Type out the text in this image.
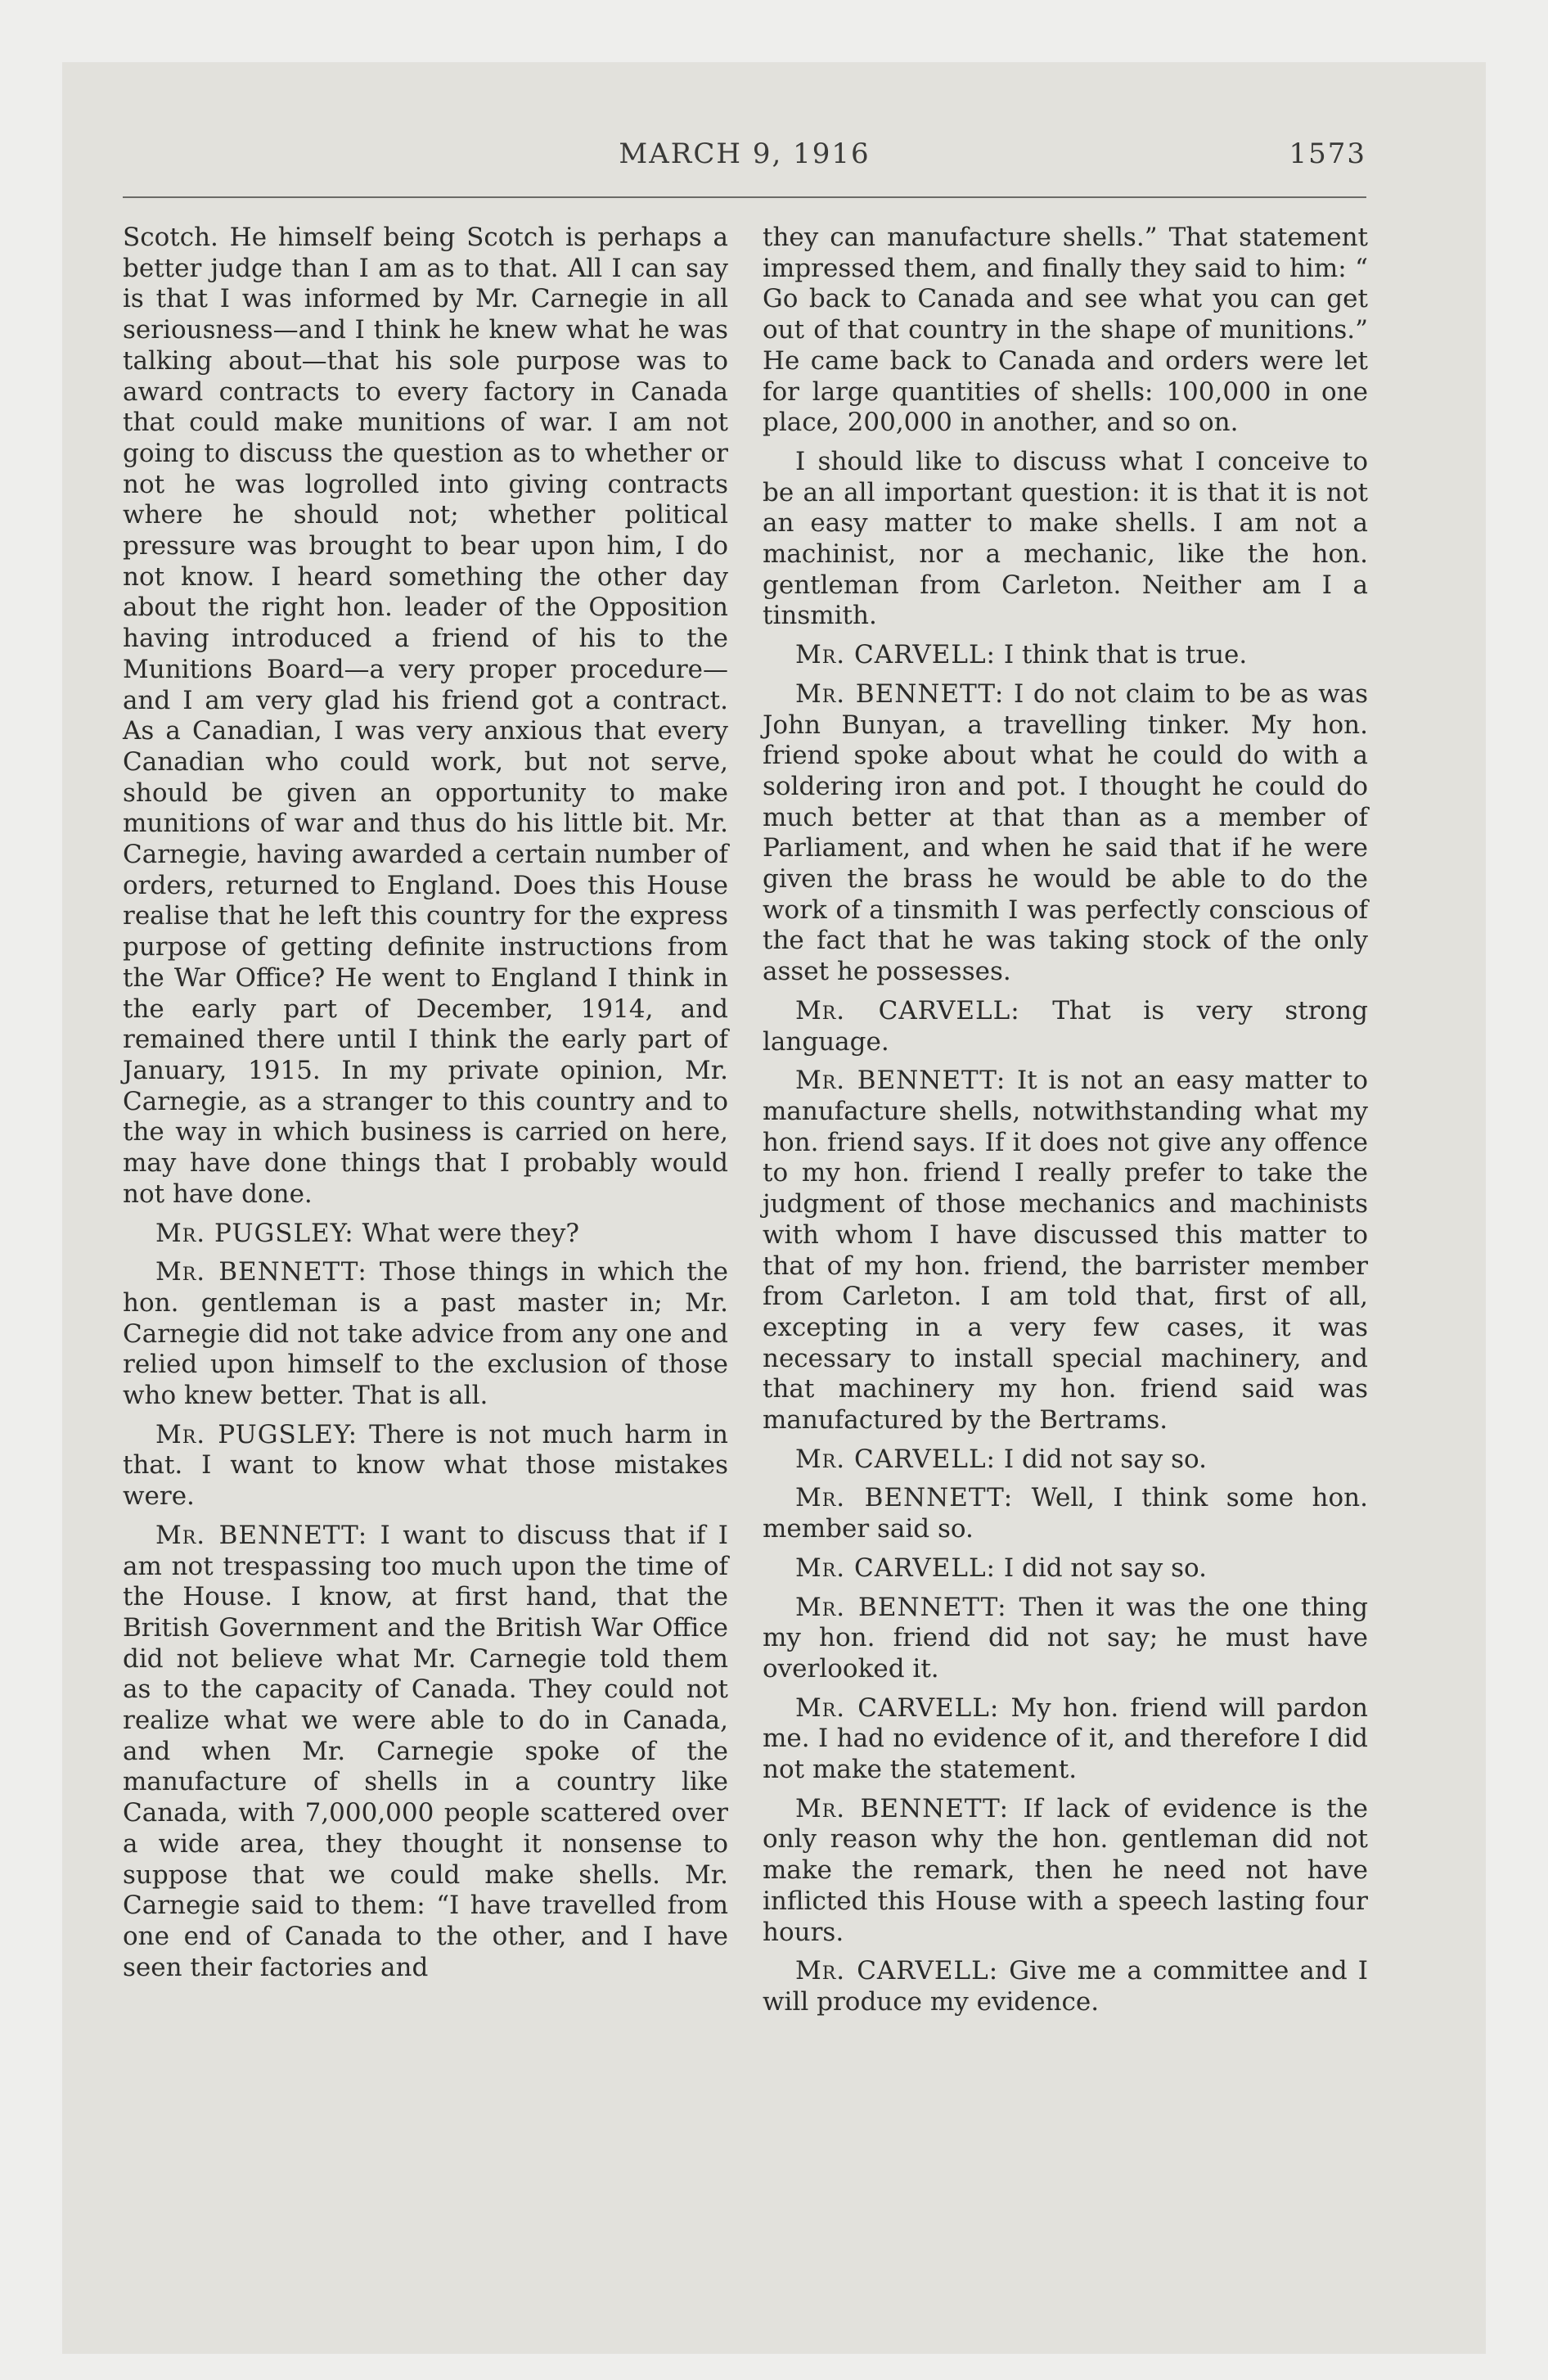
MARCH 9, 1916	1573

Scotch. He himself being Scotch is perhaps a better judge than I am as to that. All I can say is that I was informed by Mr. Carnegie in all seriousness—and I think he knew what he was talking about—that his sole purpose was to award contracts to every factory in Canada that could make munitions of war. I am not going to discuss the question as to whether or not he was logrolled into giving contracts where he should not; whether political pressure was brought to bear upon him, I do not know. I heard something the other day about the right hon. leader of the Opposition having introduced a friend of his to the Munitions Board—a very proper procedure—and I am very glad his friend got a contract. As a Canadian, I was very anxious that every Canadian who could work, but not serve, should be given an opportunity to make munitions of war and thus do his little bit. Mr. Carnegie, having awarded a certain number of orders, returned to England. Does this House realise that he left this country for the express purpose of getting definite instructions from the War Office? He went to England I think in the early part of December, 1914, and remained there until I think the early part of January, 1915. In my private opinion, Mr. Carnegie, as a stranger to this country and to the way in which business is carried on here, may have done things that I probably would not have done.

Mr. PUGSLEY: What were they?

Mr. BENNETT: Those things in which the hon. gentleman is a past master in; Mr. Carnegie did not take advice from any one and relied upon himself to the exclusion of those who knew better. That is all.

Mr. PUGSLEY: There is not much harm in that. I want to know what those mistakes were.

Mr. BENNETT: I want to discuss that if I am not trespassing too much upon the time of the House. I know, at first hand, that the British Government and the British War Office did not believe what Mr. Carnegie told them as to the capacity of Canada. They could not realize what we were able to do in Canada, and when Mr. Carnegie spoke of the manufacture of shells in a country like Canada, with 7,000,000 people scattered over a wide area, they thought it nonsense to suppose that we could make shells. Mr. Carnegie said to them: “I have travelled from one end of Canada to the other, and I have seen their factories and

they can manufacture shells.” That statement impressed them, and finally they said to him: “ Go back to Canada and see what you can get out of that country in the shape of munitions.” He came back to Canada and orders were let for large quantities of shells: 100,000 in one place, 200,000 in another, and so on.

I should like to discuss what I conceive to be an all important question: it is that it is not an easy matter to make shells. I am not a machinist, nor a mechanic, like the hon. gentleman from Carleton. Neither am I a tinsmith.

Mr. CARVELL: I think that is true.

Mr. BENNETT: I do not claim to be as was John Bunyan, a travelling tinker. My hon. friend spoke about what he could do with a soldering iron and pot. I thought he could do much better at that than as a member of Parliament, and when he said that if he were given the brass he would be able to do the work of a tinsmith I was perfectly conscious of the fact that he was taking stock of the only asset he possesses.

Mr. CARVELL: That is very strong language.

Mr. BENNETT: It is not an easy matter to manufacture shells, notwithstanding what my hon. friend says. If it does not give any offence to my hon. friend I really prefer to take the judgment of those mechanics and machinists with whom I have discussed this matter to that of my hon. friend, the barrister member from Carleton. I am told that, first of all, excepting in a very few cases, it was necessary to install special machinery, and that machinery my hon. friend said was manufactured by the Bertrams.

Mr. CARVELL: I did not say so.

Mr. BENNETT: Well, I think some hon. member said so.

Mr. CARVELL: I did not say so.

Mr. BENNETT: Then it was the one thing my hon. friend did not say; he must have overlooked it.

Mr. CARVELL: My hon. friend will pardon me. I had no evidence of it, and therefore I did not make the statement.

Mr. BENNETT: If lack of evidence is the only reason why the hon. gentleman did not make the remark, then he need not have inflicted this House with a speech lasting four hours.

Mr. CARVELL: Give me a committee and I will produce my evidence.
